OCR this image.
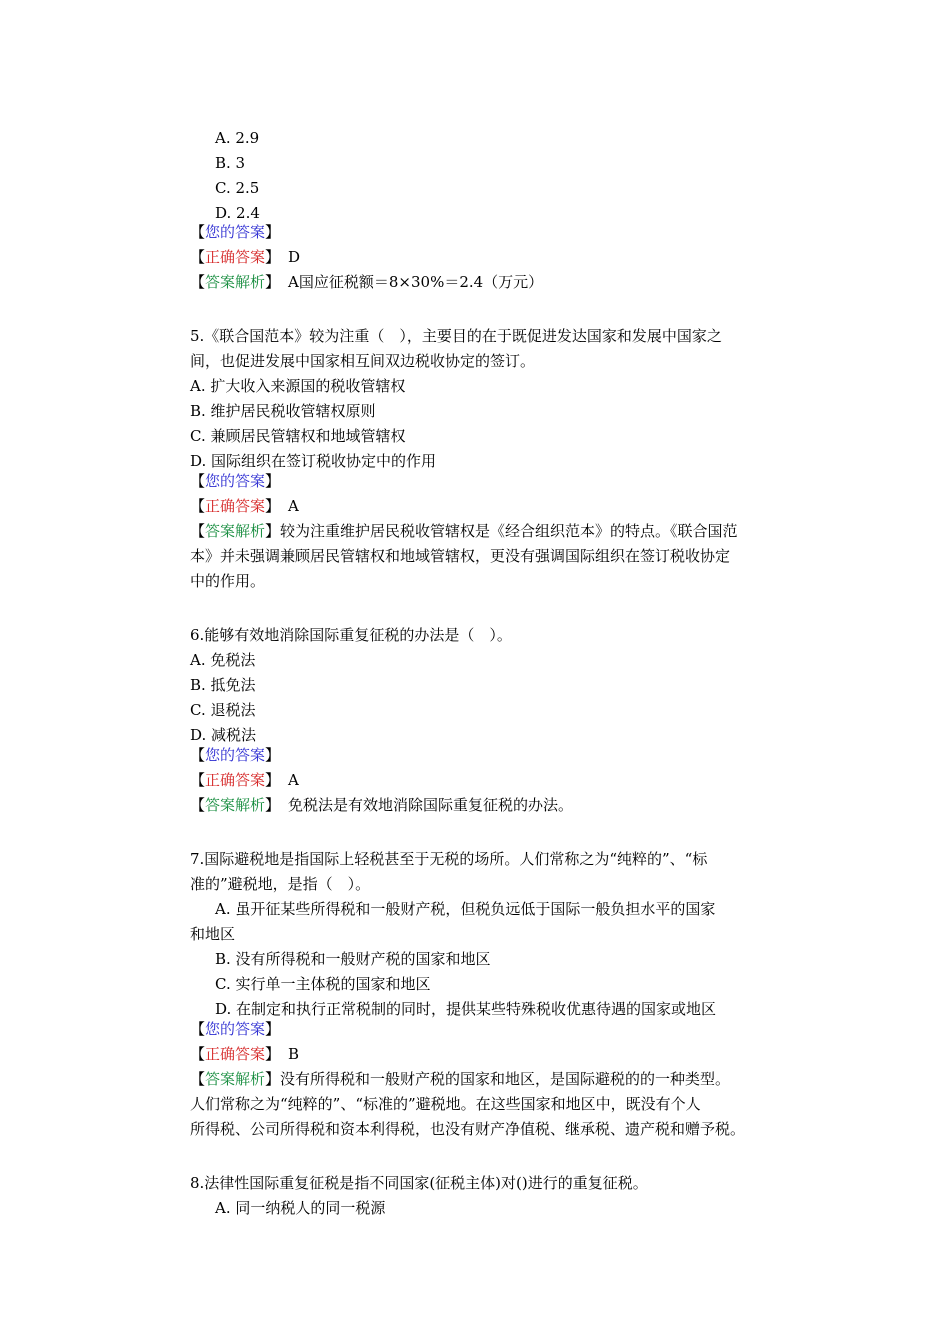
A. 2.9
B. 3
C. 2.5
D. 2.4
【您的答案】
【正确答案】 D
【答案解析】 A国应征税额＝8×30%＝2.4（万元）
5.《联合国范本》较为注重（　），主要目的在于既促进发达国家和发展中国家之
间，也促进发展中国家相互间双边税收协定的签订。
A. 扩大收入来源国的税收管辖权
B. 维护居民税收管辖权原则
C. 兼顾居民管辖权和地域管辖权
D. 国际组织在签订税收协定中的作用
【您的答案】
【正确答案】 A
【答案解析】较为注重维护居民税收管辖权是《经合组织范本》的特点。《联合国范
本》并未强调兼顾居民管辖权和地域管辖权，更没有强调国际组织在签订税收协定
中的作用。
6.能够有效地消除国际重复征税的办法是（　）。
A. 免税法
B. 抵免法
C. 退税法
D. 减税法
【您的答案】
【正确答案】 A
【答案解析】 免税法是有效地消除国际重复征税的办法。
7.国际避税地是指国际上轻税甚至于无税的场所。人们常称之为“纯粹的”、“标
准的”避税地，是指（　）。
A. 虽开征某些所得税和一般财产税，但税负远低于国际一般负担水平的国家
和地区
B. 没有所得税和一般财产税的国家和地区
C. 实行单一主体税的国家和地区
D. 在制定和执行正常税制的同时，提供某些特殊税收优惠待遇的国家或地区
【您的答案】
【正确答案】 B
【答案解析】没有所得税和一般财产税的国家和地区，是国际避税的的一种类型。
人们常称之为“纯粹的”、“标准的”避税地。在这些国家和地区中，既没有个人
所得税、公司所得税和资本利得税，也没有财产净值税、继承税、遗产税和赠予税。
8.法律性国际重复征税是指不同国家(征税主体)对()进行的重复征税。
A. 同一纳税人的同一税源
